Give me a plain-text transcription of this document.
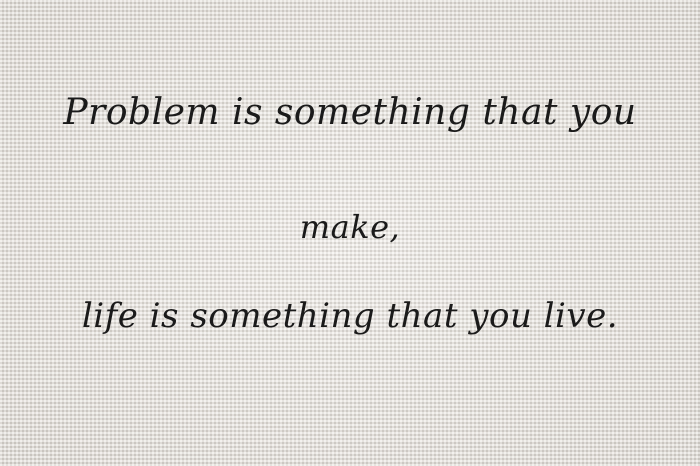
Problem is something that you
make,
life is something that you live.
